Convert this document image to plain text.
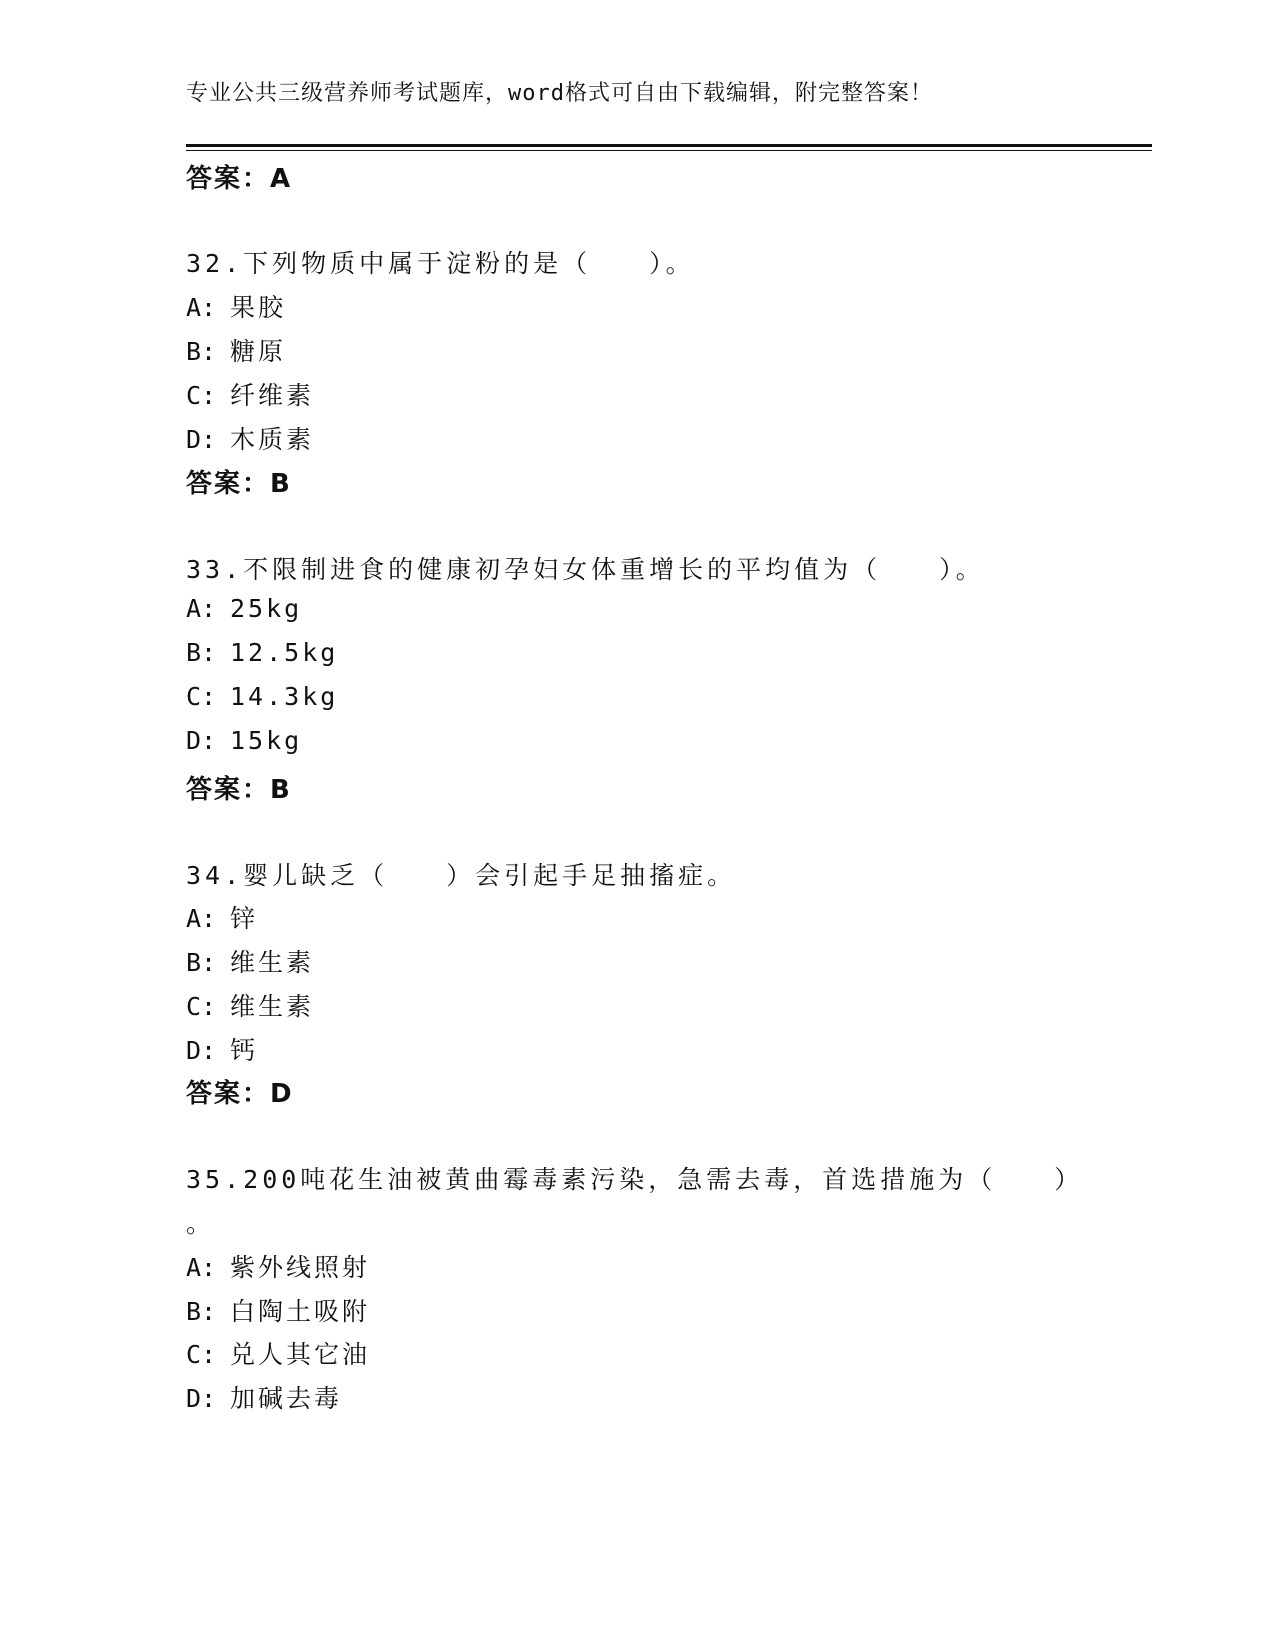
专业公共三级营养师考试题库，word格式可自由下载编辑，附完整答案！
答案：A
32.下列物质中属于淀粉的是（　　）。
A: 果胶
B: 糖原
C: 纤维素
D: 木质素
答案：B
33.不限制进食的健康初孕妇女体重增长的平均值为（　　）。
A: 25kg
B: 12.5kg
C: 14.3kg
D: 15kg
答案：B
34.婴儿缺乏（　　）会引起手足抽搐症。
A: 锌
B: 维生素
C: 维生素
D: 钙
答案：D
35.200吨花生油被黄曲霉毒素污染，急需去毒，首选措施为（　　）
。
A: 紫外线照射
B: 白陶土吸附
C: 兑人其它油
D: 加碱去毒
